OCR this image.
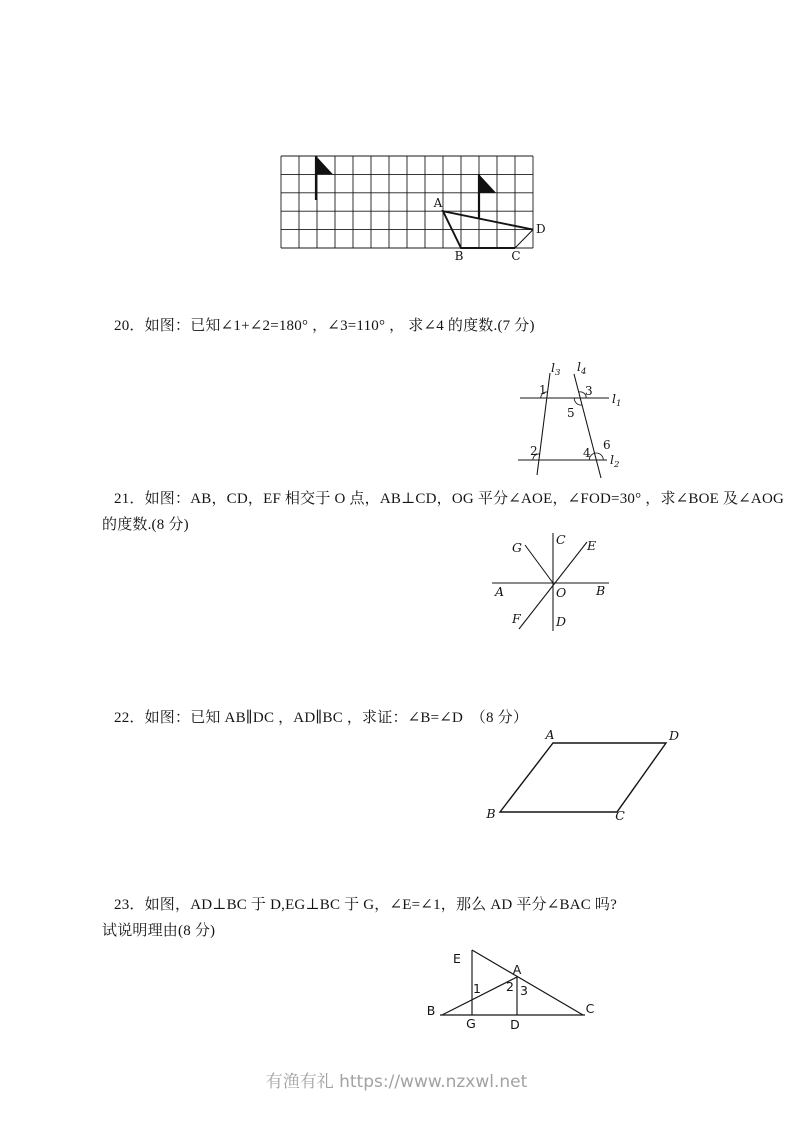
A
B	C
D
20．如图：已知∠1+∠2=180° ，∠3=110° ， 求∠4 的度数.(7 分)
$l_1$
$l_2$
$l_3$ $l_4$
1	3
5
2	4
6
21．如图：AB，CD，EF 相交于 O 点，AB⊥CD，OG 平分∠AOE，∠FOD=30° ，求∠BOE 及∠AOG
的度数.(8 分)
A	B
C
D
E
F
G
O
22．如图：已知 AB∥DC ，AD∥BC ，求证：∠B=∠D　（8 分）
A	D
B	C
23．如图，AD⊥BC 于 D,EG⊥BC 于 G，∠E=∠1，那么 AD 平分∠BAC 吗?
试说明理由(8 分)
E
B
G
A
D
C
1 2 3
有渔有礼 https://www.nzxwl.net
